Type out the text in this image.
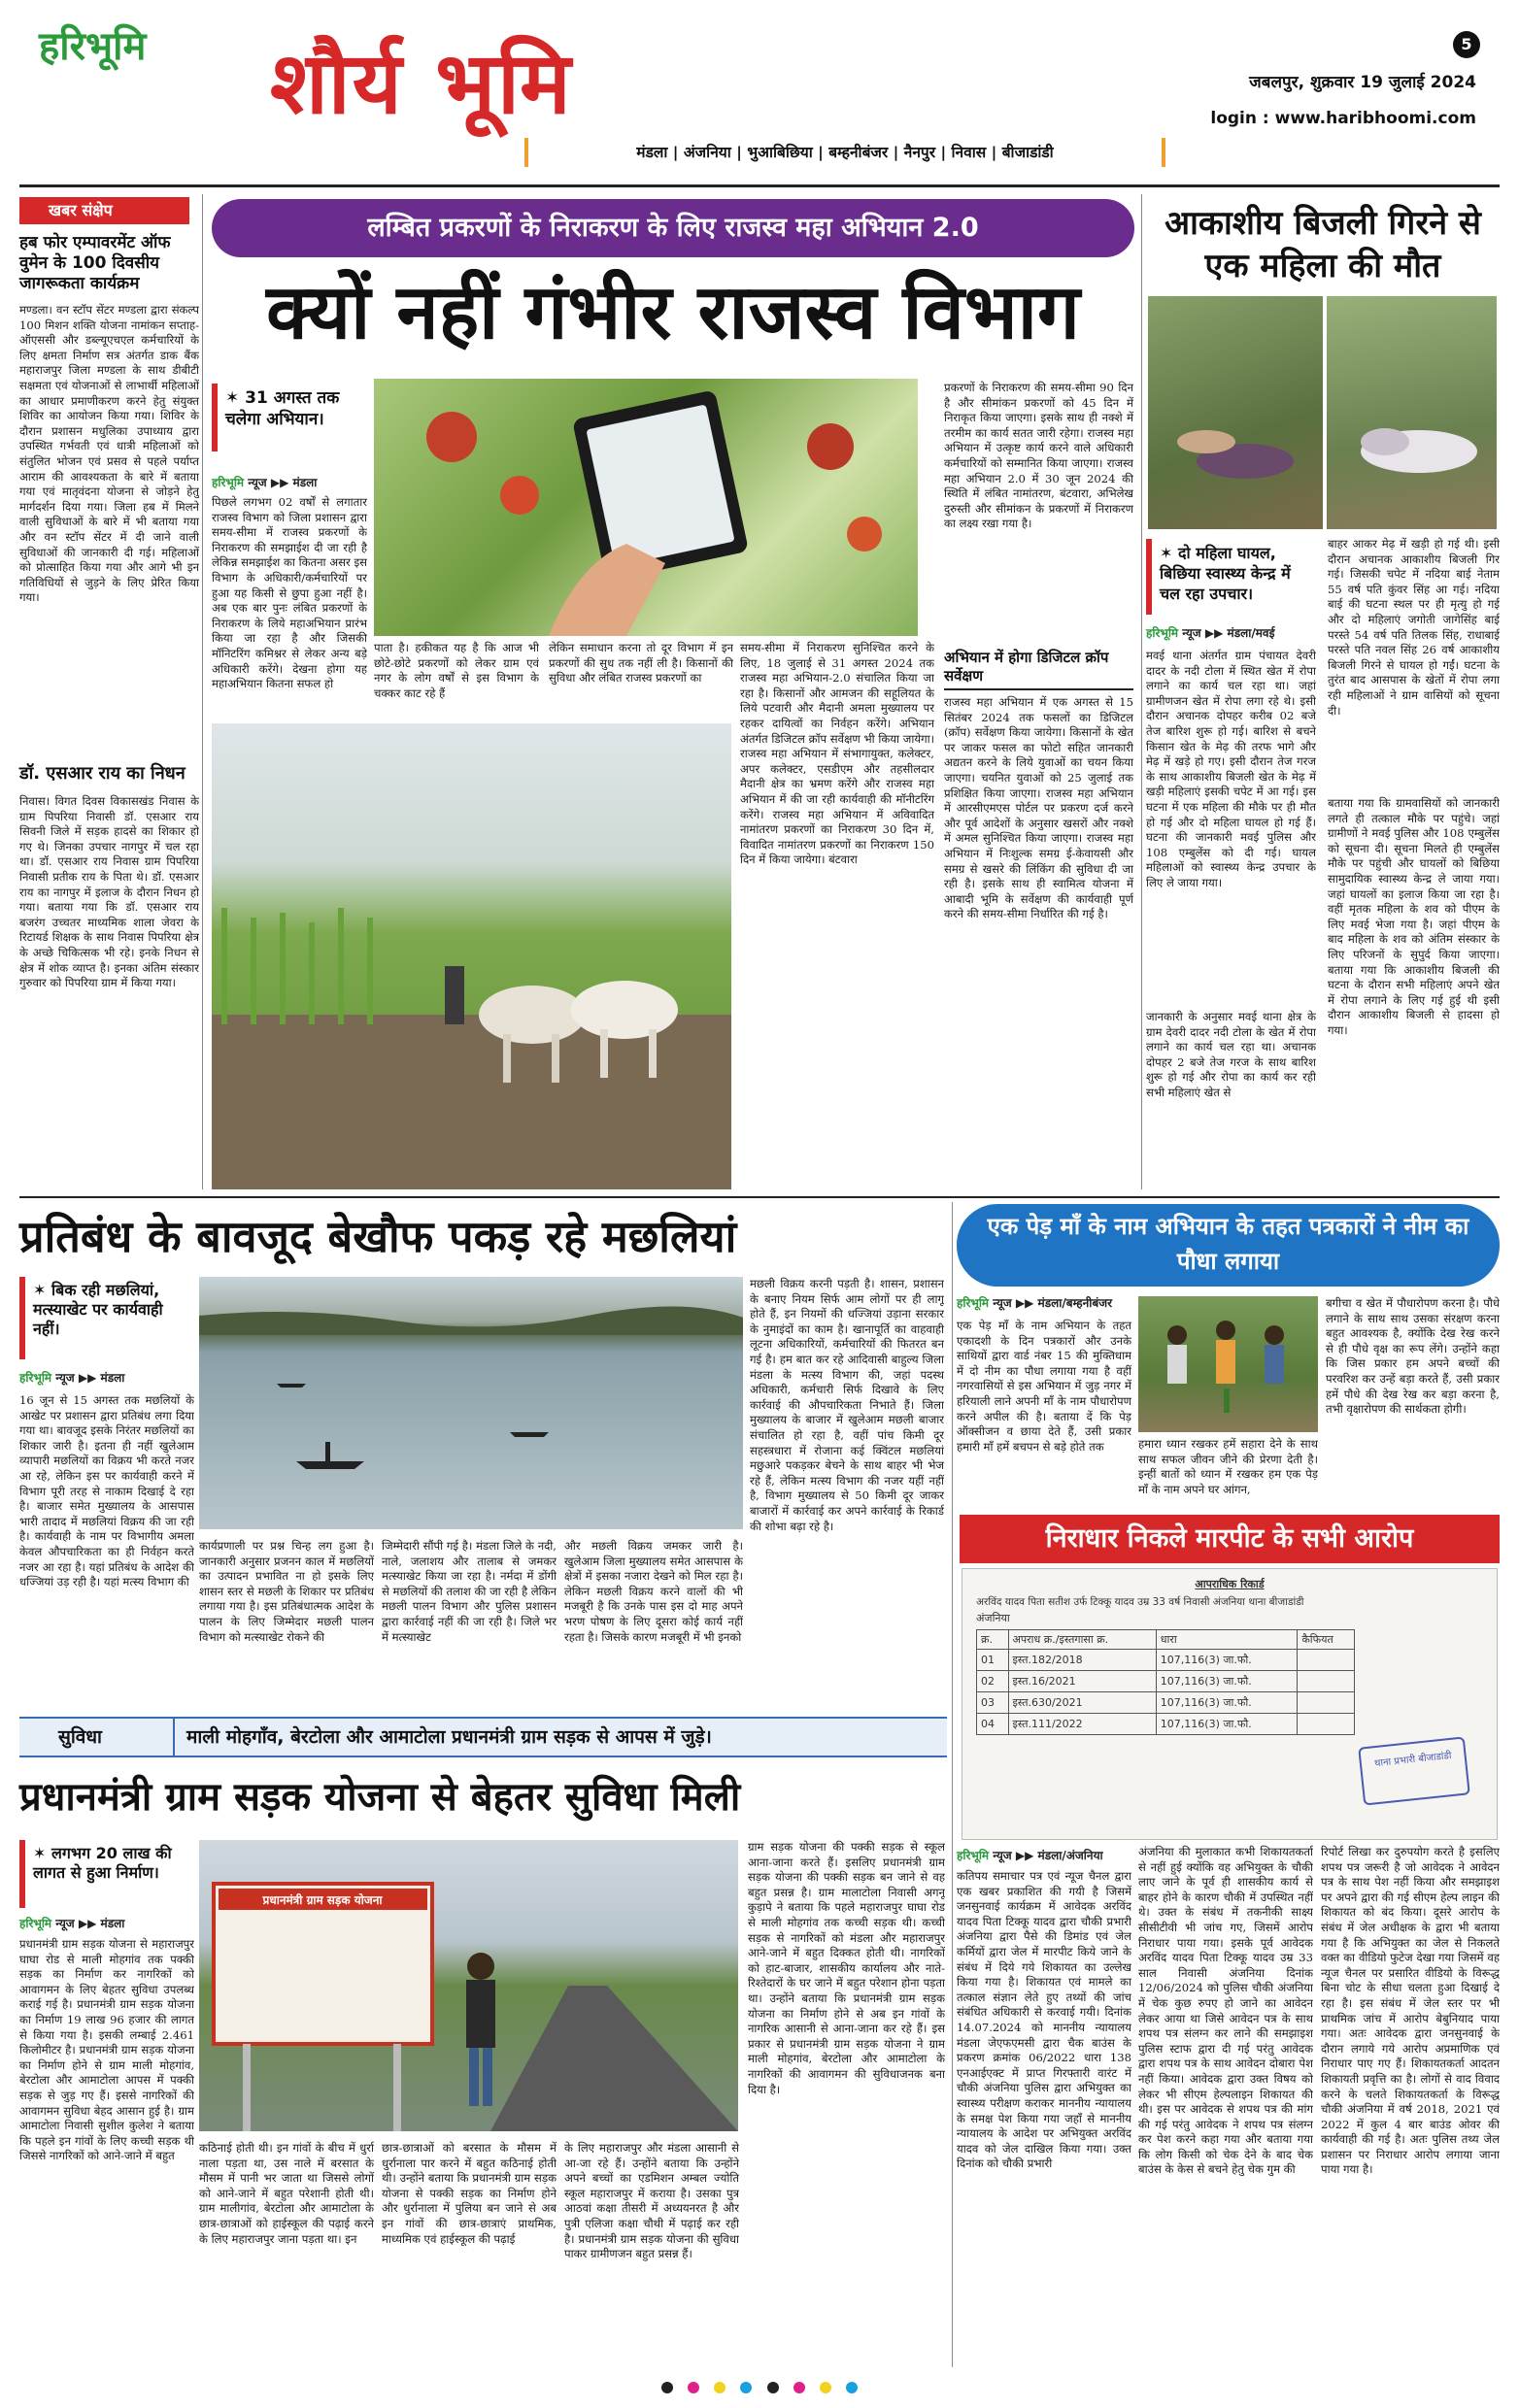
हरिभूमि शौर्य भूमि	5
जबलपुर, शुक्रवार 19 जुलाई 2024
login : www.haribhoomi.com
मंडला | अंजनिया | भुआबिछिया | बम्हनीबंजर | नैनपुर | निवास | बीजाडांडी
खबर संक्षेप
हब फोर एम्पावरमेंट ऑफ वुमेन के 100 दिवसीय जागरूकता कार्यक्रम
मण्डला। वन स्टॉप सेंटर मण्डला द्वारा संकल्प 100 मिशन शक्ति योजना नामांकन सप्ताह- ऑएससी और डब्ल्यूएचएल कर्मचारियों के लिए क्षमता निर्माण सत्र अंतर्गत डाक बैंक महाराजपुर जिला मण्डला के साथ डीबीटी सक्षमता एवं योजनाओं से लाभार्थी महिलाओं का आधार प्रमाणीकरण करने हेतु संयुक्त शिविर का आयोजन किया गया। शिविर के दौरान प्रशासन मधुलिका उपाध्याय द्वारा उपस्थित गर्भवती एवं धात्री महिलाओं को संतुलित भोजन एवं प्रसव से पहले पर्याप्त आराम की आवश्यकता के बारे में बताया गया एवं मातृवंदना योजना से जोड़ने हेतु मार्गदर्शन दिया गया। जिला हब में मिलने वाली सुविधाओं के बारे में भी बताया गया और वन स्टॉप सेंटर में दी जाने वाली सुविधाओं की जानकारी दी गई। महिलाओं को प्रोत्साहित किया गया और आगे भी इन गतिविधियों से जुड़ने के लिए प्रेरित किया गया।
डॉ. एसआर राय का निधन
निवास। विगत दिवस विकासखंड निवास के ग्राम पिपरिया निवासी डॉ. एसआर राय सिवनी जिले में सड़क हादसे का शिकार हो गए थे। जिनका उपचार नागपुर में चल रहा था। डॉ. एसआर राय निवास ग्राम पिपरिया निवासी प्रतीक राय के पिता थे। डॉ. एसआर राय का नागपुर में इलाज के दौरान निधन हो गया। बताया गया कि डॉ. एसआर राय बजरंग उच्चतर माध्यमिक शाला जेवरा के रिटायर्ड शिक्षक के साथ निवास पिपरिया क्षेत्र के अच्छे चिकित्सक भी रहे। इनके निधन से क्षेत्र में शोक व्याप्त है। इनका अंतिम संस्कार गुरुवार को पिपरिया ग्राम में किया गया।
लम्बित प्रकरणों के निराकरण के लिए राजस्व महा अभियान 2.0
क्यों नहीं गंभीर राजस्व विभाग
✶ 31 अगस्त तक चलेगा अभियान।
हरिभूमि न्यूज ▶▶ मंडला
पिछले लगभग 02 वर्षों से लगातार राजस्व विभाग को जिला प्रशासन द्वारा समय-सीमा में राजस्व प्रकरणों के निराकरण की समझाईश दी जा रही है लेकिन्न समझाईश का कितना असर इस विभाग के अधिकारी/कर्मचारियों पर हुआ यह किसी से छुपा हुआ नहीं है। अब एक बार पुनः लंबित प्रकरणों के निराकरण के लिये महाअभियान प्रारंभ किया जा रहा है और जिसकी मॉनिटरिंग कमिश्नर से लेकर अन्य बड़े अधिकारी करेंगे। देखना होगा यह महाअभियान कितना सफल हो
पाता है। हकीकत यह है कि आज भी छोटे-छोटे प्रकरणों को लेकर ग्राम एवं नगर के लोग वर्षों से इस विभाग के चक्कर काट रहे हैं
लेकिन समाधान करना तो दूर विभाग में इन प्रकरणों की सुध तक नहीं ली है। किसानों की सुविधा और लंबित राजस्व प्रकरणों का
समय-सीमा में निराकरण सुनिश्चित करने के लिए, 18 जुलाई से 31 अगस्त 2024 तक राजस्व महा अभियान-2.0 संचालित किया जा रहा है। किसानों और आमजन की सहूलियत के लिये पटवारी और मैदानी अमला मुख्यालय पर रहकर दायित्वों का निर्वहन करेंगे। अभियान अंतर्गत डिजिटल क्रॉप सर्वेक्षण भी किया जायेगा। राजस्व महा अभियान में संभागायुक्त, कलेक्टर, अपर कलेक्टर, एसडीएम और तहसीलदार मैदानी क्षेत्र का भ्रमण करेंगे और राजस्व महा अभियान में की जा रही कार्यवाही की मॉनीटरिंग करेंगे। राजस्व महा अभियान में अविवादित नामांतरण प्रकरणों का निराकरण 30 दिन में, विवादित नामांतरण प्रकरणों का निराकरण 150 दिन में किया जायेगा। बंटवारा
प्रकरणों के निराकरण की समय-सीमा 90 दिन है और सीमांकन प्रकरणों को 45 दिन में निराकृत किया जाएगा। इसके साथ ही नक्शे में तरमीम का कार्य सतत जारी रहेगा। राजस्व महा अभियान में उत्कृष्ट कार्य करने वाले अधिकारी कर्मचारियों को सम्मानित किया जाएगा। राजस्व महा अभियान 2.0 में 30 जून 2024 की स्थिति में लंबित नामांतरण, बंटवारा, अभिलेख दुरुस्ती और सीमांकन के प्रकरणों में निराकरण का लक्ष्य रखा गया है।
अभियान में होगा डिजिटल क्रॉप सर्वेक्षण
राजस्व महा अभियान में एक अगस्त से 15 सितंबर 2024 तक फसलों का डिजिटल (क्रॉप) सर्वेक्षण किया जायेगा। किसानों के खेत पर जाकर फसल का फोटो सहित जानकारी अद्यतन करने के लिये युवाओं का चयन किया जाएगा। चयनित युवाओं को 25 जुलाई तक प्रशिक्षित किया जाएगा। राजस्व महा अभियान में आरसीएमएस पोर्टल पर प्रकरण दर्ज करने और पूर्व आदेशों के अनुसार खसरों और नक्शे में अमल सुनिश्चित किया जाएगा। राजस्व महा अभियान में निःशुल्क समग्र ई-केवायसी और समग्र से खसरे की लिंकिंग की सुविधा दी जा रही है। इसके साथ ही स्वामित्व योजना में आबादी भूमि के सर्वेक्षण की कार्यवाही पूर्ण करने की समय-सीमा निर्धारित की गई है।
आकाशीय बिजली गिरने से एक महिला की मौत
✶ दो महिला घायल, बिछिया स्वास्थ्य केन्द्र में चल रहा उपचार।
हरिभूमि न्यूज ▶▶ मंडला/मवई
मवई थाना अंतर्गत ग्राम पंचायत देवरी दादर के नदी टोला में स्थित खेत में रोपा लगाने का कार्य चल रहा था। जहां ग्रामीणजन खेत में रोपा लगा रहे थे। इसी दौरान अचानक दोपहर करीब 02 बजे तेज बारिश शुरू हो गई। बारिश से बचने किसान खेत के मेढ़ की तरफ भागे और मेढ़ में खड़े हो गए। इसी दौरान तेज गरज के साथ आकाशीय बिजली खेत के मेढ़ में खड़ी महिलाएं इसकी चपेट में आ गई। इस घटना में एक महिला की मौके पर ही मौत हो गई और दो महिला घायल हो गई हैं। घटना की जानकारी मवई पुलिस और 108 एम्बुलेंस को दी गई। घायल महिलाओं को स्वास्थ्य केन्द्र उपचार के लिए ले जाया गया।
जानकारी के अनुसार मवई थाना क्षेत्र के ग्राम देवरी दादर नदी टोला के खेत में रोपा लगाने का कार्य चल रहा था। अचानक दोपहर 2 बजे तेज गरज के साथ बारिश शुरू हो गई और रोपा का कार्य कर रही सभी महिलाएं खेत से
बाहर आकर मेढ़ में खड़ी हो गई थी। इसी दौरान अचानक आकाशीय बिजली गिर गई। जिसकी चपेट में नदिया बाई नेताम 55 वर्ष पति कुंवर सिंह आ गई। नदिया बाई की घटना स्थल पर ही मृत्यु हो गई और दो महिलाएं जगोती जागेसिंह बाई परस्ते 54 वर्ष पति तिलक सिंह, राधाबाई परस्ते पति नवल सिंह 26 वर्ष आकाशीय बिजली गिरने से घायल हो गईं। घटना के तुरंत बाद आसपास के खेतों में रोपा लगा रही महिलाओं ने ग्राम वासियों को सूचना दी।
बताया गया कि ग्रामवासियों को जानकारी लगते ही तत्काल मौके पर पहुंचे। जहां ग्रामीणों ने मवई पुलिस और 108 एम्बुलेंस को सूचना दी। सूचना मिलते ही एम्बुलेंस मौके पर पहुंची और घायलों को बिछिया सामुदायिक स्वास्थ्य केन्द्र ले जाया गया। जहां घायलों का इलाज किया जा रहा है। वहीं मृतक महिला के शव को पीएम के लिए मवई भेजा गया है। जहां पीएम के बाद महिला के शव को अंतिम संस्कार के लिए परिजनों के सुपुर्द किया जाएगा। बताया गया कि आकाशीय बिजली की घटना के दौरान सभी महिलाएं अपने खेत में रोपा लगाने के लिए गई हुई थी इसी दौरान आकाशीय बिजली से हादसा हो गया।
प्रतिबंध के बावजूद बेखौफ पकड़ रहे मछलियां
✶ बिक रही मछलियां, मत्स्याखेट पर कार्यवाही नहीं।
हरिभूमि न्यूज ▶▶ मंडला
16 जून से 15 अगस्त तक मछलियों के आखेट पर प्रशासन द्वारा प्रतिबंध लगा दिया गया था। बावजूद इसके निरंतर मछलियों का शिकार जारी है। इतना ही नहीं खुलेआम व्यापारी मछलियों का विक्रय भी करते नजर आ रहे, लेकिन इस पर कार्यवाही करने में विभाग पूरी तरह से नाकाम दिखाई दे रहा है। बाजार समेत मुख्यालय के आसपास भारी तादाद में मछलियां विक्रय की जा रही है। कार्यवाही के नाम पर विभागीय अमला केवल औपचारिकता का ही निर्वहन करते नजर आ रहा है। यहां प्रतिबंध के आदेश की धज्जियां उड़ रही है। यहां मत्स्य विभाग की
कार्यप्रणाली पर प्रश्न चिन्ह लग हुआ है। जानकारी अनुसार प्रजनन काल में मछलियों का उत्पादन प्रभावित ना हो इसके लिए शासन स्तर से मछली के शिकार पर प्रतिबंध लगाया गया है। इस प्रतिबंधात्मक आदेश के पालन के लिए जिम्मेदार मछली पालन विभाग को मत्स्याखेट रोकने की
जिम्मेदारी सौंपी गई है। मंडला जिले के नदी, नाले, जलाशय और तालाब से जमकर मत्स्याखेट किया जा रहा है। नर्मदा में डोंगी से मछलियों की तलाश की जा रही है लेकिन मछली पालन विभाग और पुलिस प्रशासन द्वारा कार्रवाई नहीं की जा रही है। जिले भर में मत्स्याखेट
और मछली विक्रय जमकर जारी है। खुलेआम जिला मुख्यालय समेत आसपास के क्षेत्रों में इसका नजारा देखने को मिल रहा है। लेकिन मछली विक्रय करने वालों की भी मजबूरी है कि उनके पास इस दो माह अपने भरण पोषण के लिए दूसरा कोई कार्य नहीं रहता है। जिसके कारण मजबूरी में भी इनको
मछली विक्रय करनी पड़ती है। शासन, प्रशासन के बनाए नियम सिर्फ आम लोगों पर ही लागू होते हैं, इन नियमों की धज्जियां उड़ाना सरकार के नुमाइंदों का काम है। खानापूर्ति का वाहवाही लूटना अधिकारियों, कर्मचारियों की फितरत बन गई है। हम बात कर रहे आदिवासी बाहुल्य जिला मंडला के मत्स्य विभाग की, जहां पदस्थ अधिकारी, कर्मचारी सिर्फ दिखावे के लिए कार्रवाई की औपचारिकता निभाते हैं। जिला मुख्यालय के बाजार में खुलेआम मछली बाजार संचालित हो रहा है, वहीं पांच किमी दूर सहस्त्रधारा में रोजाना कई क्विंटल मछलियां मछुआरे पकड़कर बेचने के साथ बाहर भी भेज रहे हैं, लेकिन मत्स्य विभाग की नजर यहीं नहीं है, विभाग मुख्यालय से 50 किमी दूर जाकर बाजारों में कार्रवाई कर अपने कार्रवाई के रिकार्ड की शोभा बढ़ा रहे है।
एक पेड़ माँ के नाम अभियान के तहत पत्रकारों ने नीम का पौधा लगाया
हरिभूमि न्यूज ▶▶ मंडला/बम्हनीबंजर
एक पेड़ माँ के नाम अभियान के तहत एकादशी के दिन पत्रकारों और उनके साथियों द्वारा वार्ड नंबर 15 की मुक्तिधाम में दो नीम का पौधा लगाया गया है वहीं नगरवासियों से इस अभियान में जुड़ नगर में हरियाली लाने अपनी माँ के नाम पौधारोपण करने अपील की है। बताया दें कि पेड़ ऑक्सीजन व छाया देते हैं, उसी प्रकार हमारी माँ हमें बचपन से बड़े होते तक	हमारा ध्यान रखकर हमें सहारा देने के साथ साथ सफल जीवन जीने की प्रेरणा देती है। इन्हीं बातों को ध्यान में रखकर हम एक पेड़ माँ के नाम अपने घर आंगन,
बगीचा व खेत में पौधारोपण करना है। पौधे लगाने के साथ साथ उसका संरक्षण करना बहुत आवश्यक है, क्योंकि देख रेख करने से ही पौधे वृक्ष का रूप लेंगे। उन्होंने कहा कि जिस प्रकार हम अपने बच्चों की परवरिश कर उन्हें बड़ा करते हैं, उसी प्रकार हमें पौधे की देख रेख कर बड़ा करना है, तभी वृक्षारोपण की सार्थकता होगी।
निराधार निकले मारपीट के सभी आरोप
आपराधिक रिकार्ड
अरविंद यादव पिता सतीश उर्फ टिक्कू यादव उम्र 33 वर्ष निवासी अंजनिया थाना बीजाडांडी
अंजनिया
क्र.	अपराध क्र./इस्तगासा क्र.	धारा	कैफियत
01	इस्त.182/2018	107,116(3) जा.फौ.	
02	इस्त.16/2021	107,116(3) जा.फौ.	
03	इस्त.630/2021	107,116(3) जा.फौ.	
04	इस्त.111/2022	107,116(3) जा.फौ.	
थाना प्रभारी बीजाडांडी
हरिभूमि न्यूज ▶▶ मंडला/अंजनिया
कतिपय समाचार पत्र एवं न्यूज चैनल द्वारा एक खबर प्रकाशित की गयी है जिसमें जनसुनवाई कार्यक्रम में आवेदक अरविंद यादव पिता टिक्कू यादव द्वारा चौकी प्रभारी अंजनिया द्वारा पैसे की डिमांड एवं जेल कर्मियों द्वारा जेल में मारपीट किये जाने के संबंध में दिये गये शिकायत का उल्लेख किया गया है। शिकायत एवं मामले का तत्काल संज्ञान लेते हुए तथ्यों की जांच संबंधित अधिकारी से करवाई गयी। दिनांक 14.07.2024 को माननीय न्यायालय मंडला जेएफएमसी द्वारा चैक बाउंस के प्रकरण क्रमांक 06/2022 धारा 138 एनआईएक्ट में प्राप्त गिरफ्तारी वारंट में चौकी अंजनिया पुलिस द्वारा अभियुक्त का स्वास्थ्य परीक्षण कराकर माननीय न्यायालय के समक्ष पेश किया गया जहाँ से माननीय न्यायालय के आदेश पर अभियुक्त अरविंद यादव को जेल दाखिल किया गया। उक्त दिनांक को चौकी प्रभारी
अंजनिया की मुलाकात कभी शिकायतकर्ता से नहीं हुई क्योंकि वह अभियुक्त के चौकी लाए जाने के पूर्व ही शासकीय कार्य से बाहर होने के कारण चौकी में उपस्थित नहीं थे। उक्त के संबंध में तकनीकी साक्ष्य सीसीटीवी भी जांच गए, जिसमें आरोप निराधार पाया गया। इसके पूर्व आवेदक अरविंद यादव पिता टिक्कू यादव उम्र 33 साल निवासी अंजनिया दिनांक 12/06/2024 को पुलिस चौकी अंजनिया में चेक कुछ रुपए हो जाने का आवेदन लेकर आया था जिसे आवेदन पत्र के साथ शपथ पत्र संलग्न कर लाने की समझाइश पुलिस स्टाफ द्वारा दी गई परंतु आवेदक द्वारा शपथ पत्र के साथ आवेदन दोबारा पेश नहीं किया। आवेदक द्वारा उक्त विषय को लेकर भी सीएम हेल्पलाइन शिकायत की थी। इस पर आवेदक से शपथ पत्र की मांग की गई परंतु आवेदक ने शपथ पत्र संलग्न कर पेश करने कहा गया और बताया गया कि लोग किसी को चेक देने के बाद चेक बाउंस के केस से बचने हेतु चेक गुम की
रिपोर्ट लिखा कर दुरुपयोग करते है इसलिए शपथ पत्र जरूरी है जो आवेदक ने आवेदन पत्र के साथ पेश नहीं किया और समझाइश पर अपने द्वारा की गई सीएम हेल्प लाइन की शिकायत को बंद किया। दूसरे आरोप के संबंध में जेल अधीक्षक के द्वारा भी बताया गया है कि अभियुक्त का जेल से निकलते वक्त का वीडियो फुटेज देखा गया जिसमें वह न्यूज चैनल पर प्रसारित वीडियो के विरूद्ध बिना चोट के सीधा चलता हुआ दिखाई दे रहा है। इस संबंध में जेल स्तर पर भी प्राथमिक जांच में आरोप बेबुनियाद पाया गया। अतः आवेदक द्वारा जनसुनवाई के दौरान लगाये गये आरोप अप्रमाणिक एवं निराधार पाए गए हैं। शिकायतकर्ता आदतन शिकायती प्रवृत्ति का है। लोगों से वाद विवाद करने के चलते शिकायतकर्ता के विरूद्ध चौकी अंजनिया में वर्ष 2018, 2021 एवं 2022 में कुल 4 बार बाउंड ओवर की कार्यवाही की गई है। अतः पुलिस तथ्य जेल प्रशासन पर निराधार आरोप लगाया जाना पाया गया है।
सुविधा	माली मोहगाँव, बेरटोला और आमाटोला प्रधानमंत्री ग्राम सड़क से आपस में जुड़े।
प्रधानमंत्री ग्राम सड़क योजना से बेहतर सुविधा मिली
✶ लगभग 20 लाख की लागत से हुआ निर्माण।
हरिभूमि न्यूज ▶▶ मंडला
प्रधानमंत्री ग्राम सड़क योजना से महाराजपुर घाघा रोड से माली मोहगांव तक पक्की सड़क का निर्माण कर नागरिकों को आवागमन के लिए बेहतर सुविधा उपलब्ध कराई गई है। प्रधानमंत्री ग्राम सड़क योजना का निर्माण 19 लाख 96 हजार की लागत से किया गया है। इसकी लम्बाई 2.461 किलोमीटर है। प्रधानमंत्री ग्राम सड़क योजना का निर्माण होने से ग्राम माली मोहगांव, बेरटोला और आमाटोला आपस में पक्की सड़क से जुड़ गए हैं। इससे नागरिकों की आवागमन सुविधा बेहद आसान हुई है। ग्राम आमाटोला निवासी सुशील कुलेश ने बताया कि पहले इन गांवों के लिए कच्ची सड़क थी जिससे नागरिकों को आने-जाने में बहुत
प्रधानमंत्री ग्राम सड़क योजना
कठिनाई होती थी। इन गांवों के बीच में धुर्रा नाला पड़ता था, उस नाले में बरसात के मौसम में पानी भर जाता था जिससे लोगों को आने-जाने में बहुत परेशानी होती थी। ग्राम मालीगांव, बेरटोला और आमाटोला के छात्र-छात्राओं को हाईस्कूल की पढ़ाई करने के लिए महाराजपुर जाना पड़ता था। इन
छात्र-छात्राओं को बरसात के मौसम में धुर्रानाला पार करने में बहुत कठिनाई होती थी। उन्होंने बताया कि प्रधानमंत्री ग्राम सड़क योजना से पक्की सड़क का निर्माण होने और धुर्रानाला में पुलिया बन जाने से अब इन गांवों की छात्र-छात्राएं प्राथमिक, माध्यमिक एवं हाईस्कूल की पढ़ाई
के लिए महाराजपुर और मंडला आसानी से आ-जा रहे हैं। उन्होंने बताया कि उन्होंने अपने बच्चों का एडमिशन अम्बल ज्योति स्कूल महाराजपुर में कराया है। उसका पुत्र आठवां कक्षा तीसरी में अध्ययनरत है और पुत्री एलिजा कक्षा चौथी में पढ़ाई कर रही है। प्रधानमंत्री ग्राम सड़क योजना की सुविधा पाकर ग्रामीणजन बहुत प्रसन्न हैं।
ग्राम सड़क योजना की पक्की सड़क से स्कूल आना-जाना करते हैं। इसलिए प्रधानमंत्री ग्राम सड़क योजना की पक्की सड़क बन जाने से वह बहुत प्रसन्न है। ग्राम मालाटोला निवासी अगनू कुड़ापे ने बताया कि पहले महाराजपुर घाघा रोड से माली मोहगांव तक कच्ची सड़क थी। कच्ची सड़क से नागरिकों को मंडला और महाराजपुर आने-जाने में बहुत दिक्कत होती थी। नागरिकों को हाट-बाजार, शासकीय कार्यालय और नाते-रिश्तेदारों के घर जाने में बहुत परेशान होना पड़ता था। उन्होंने बताया कि प्रधानमंत्री ग्राम सड़क योजना का निर्माण होने से अब इन गांवों के नागरिक आसानी से आना-जाना कर रहे हैं। इस प्रकार से प्रधानमंत्री ग्राम सड़क योजना ने ग्राम माली मोहगांव, बेरटोला और आमाटोला के नागरिकों की आवागमन की सुविधाजनक बना दिया है।
